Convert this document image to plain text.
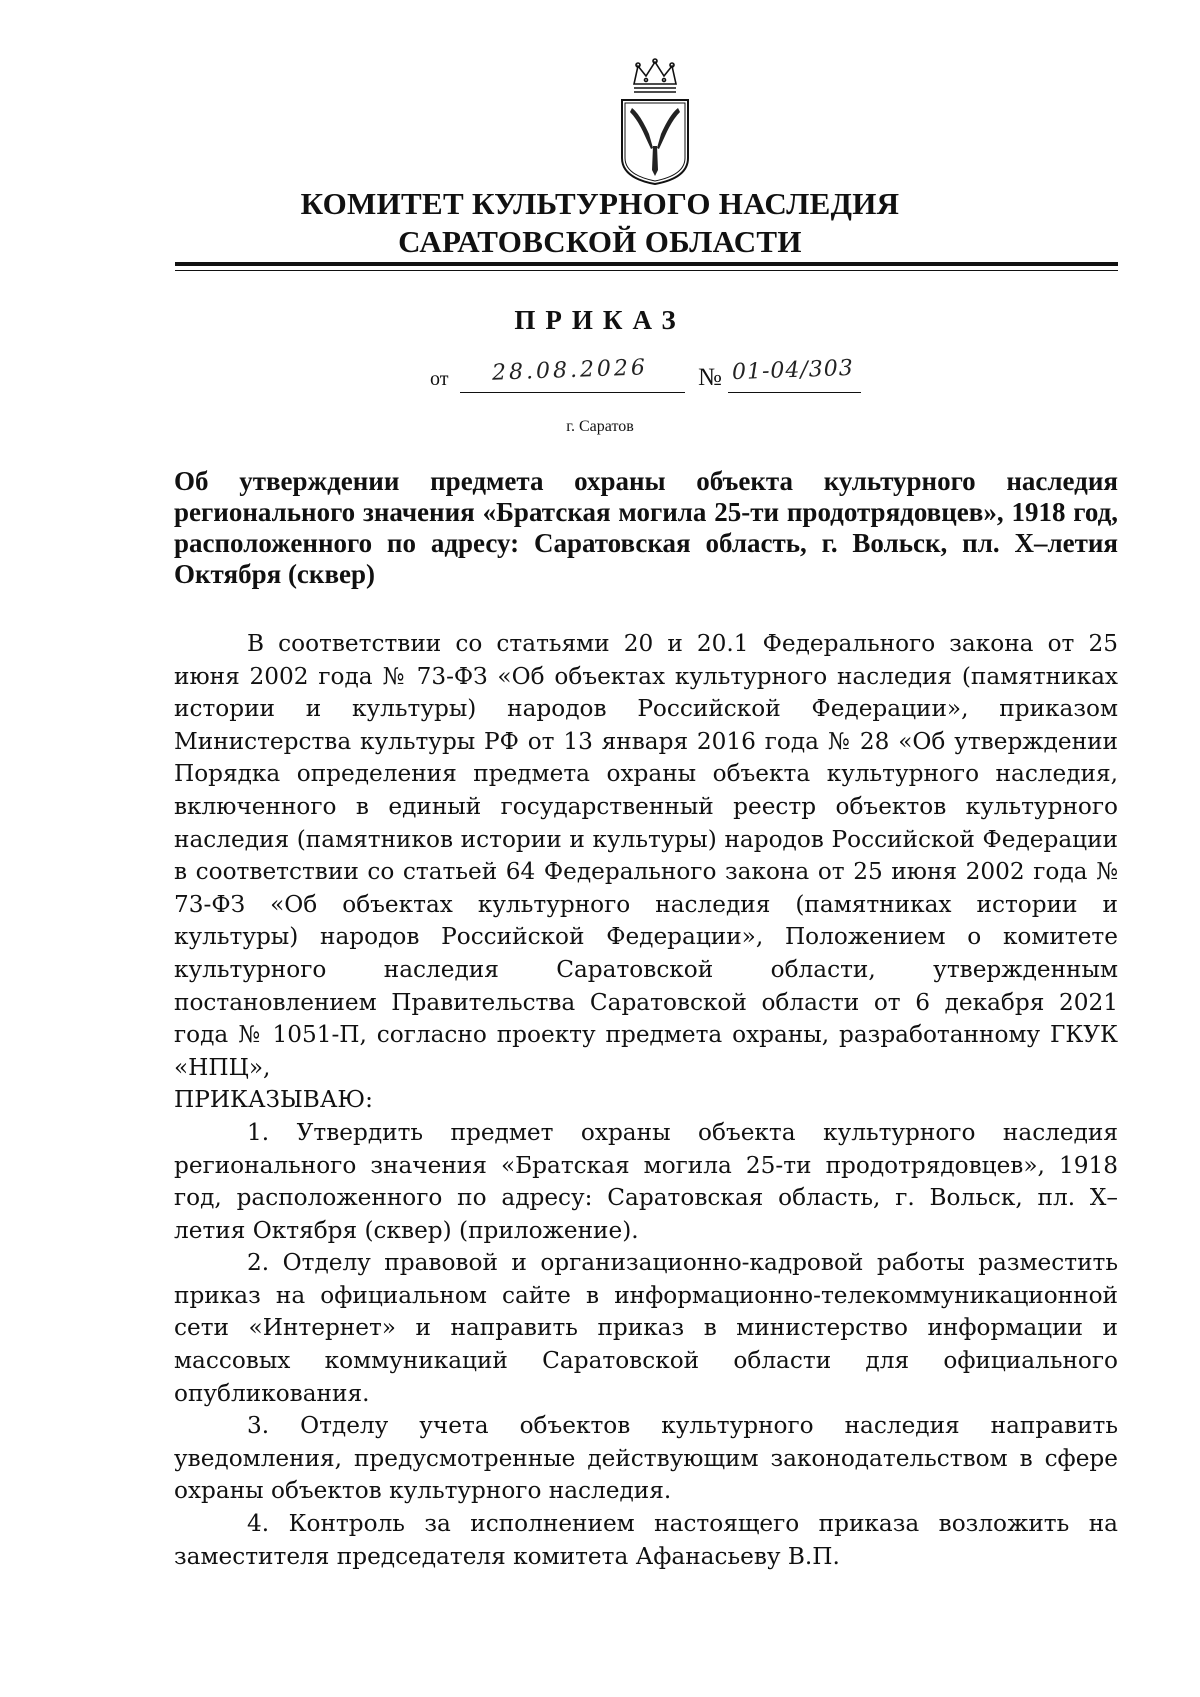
КОМИТЕТ КУЛЬТУРНОГО НАСЛЕДИЯ
САРАТОВСКОЙ ОБЛАСТИ
ПРИКАЗ
от 28.08.2026 № 01-04/303
г. Саратов
Об утверждении предмета охраны объекта культурного наследия регионального значения «Братская могила 25-ти продотрядовцев», 1918 год, расположенного по адресу: Саратовская область, г. Вольск, пл. Х–летия Октября (сквер)

В соответствии со статьями 20 и 20.1 Федерального закона от 25 июня 2002 года № 73-ФЗ «Об объектах культурного наследия (памятниках истории и культуры) народов Российской Федерации», приказом Министерства культуры РФ от 13 января 2016 года № 28 «Об утверждении Порядка определения предмета охраны объекта культурного наследия, включенного в единый государственный реестр объектов культурного наследия (памятников истории и культуры) народов Российской Федерации в соответствии со статьей 64 Федерального закона от 25 июня 2002 года № 73-ФЗ «Об объектах культурного наследия (памятниках истории и культуры) народов Российской Федерации», Положением о комитете культурного наследия Саратовской области, утвержденным постановлением Правительства Саратовской области от 6 декабря 2021 года № 1051-П, согласно проекту предмета охраны, разработанному ГКУК «НПЦ»,

ПРИКАЗЫВАЮ:

1. Утвердить предмет охраны объекта культурного наследия регионального значения «Братская могила 25-ти продотрядовцев», 1918 год, расположенного по адресу: Саратовская область, г. Вольск, пл. Х–летия Октября (сквер) (приложение).

2. Отделу правовой и организационно-кадровой работы разместить приказ на официальном сайте в информационно-телекоммуникационной сети «Интернет» и направить приказ в министерство информации и массовых коммуникаций Саратовской области для официального опубликования.

3. Отделу учета объектов культурного наследия направить уведомления, предусмотренные действующим законодательством в сфере охраны объектов культурного наследия.

4. Контроль за исполнением настоящего приказа возложить на заместителя председателя комитета Афанасьеву В.П.
